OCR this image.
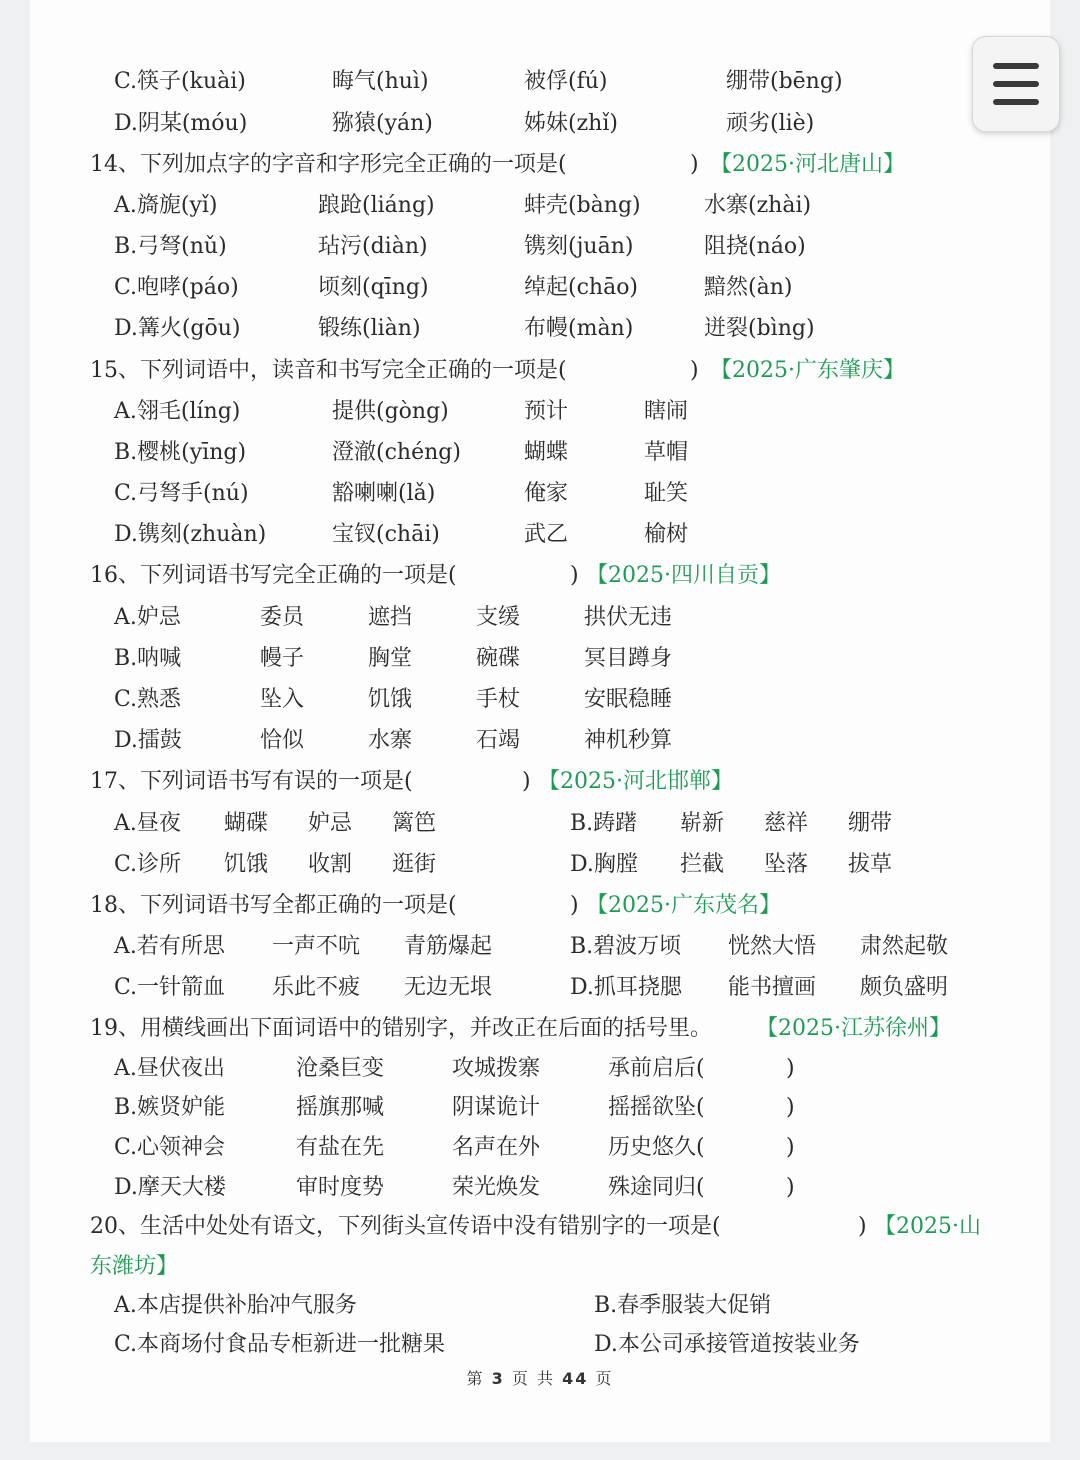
C.筷子(kuài)	晦气(huì)	被俘(fú)	绷带(bēng)
D.阴某(móu)	猕猿(yán)	姊妹(zhǐ)	顽劣(liè)
14、下列加点字的字音和字形完全正确的一项是(	) 【2025·河北唐山】
A.旖旎(yǐ)	踉跄(liáng)	蚌壳(bàng)	水寨(zhài)
B.弓弩(nǔ)	玷污(diàn)	镌刻(juān)	阻挠(náo)
C.咆哮(páo)	顷刻(qīng)	绰起(chāo)	黯然(àn)
D.篝火(gōu)	锻练(liàn)	布幔(màn)	迸裂(bìng)
15、下列词语中，读音和书写完全正确的一项是(	) 【2025·广东肇庆】
A.翎毛(líng)	提供(gòng)	预计	瞎闹
B.樱桃(yīng)	澄澈(chéng)	蝴蝶	草帽
C.弓弩手(nú)	豁喇喇(lǎ)	俺家	耻笑
D.镌刻(zhuàn)	宝钗(chāi)	武乙	榆树
16、下列词语书写完全正确的一项是(	) 【2025·四川自贡】
A.妒忌	委员	遮挡	支缓	拱伏无违
B.呐喊	幔子	胸堂	碗碟	冥目蹲身
C.熟悉	坠入	饥饿	手杖	安眠稳睡
D.擂鼓	恰似	水寨	石竭	神机秒算
17、下列词语书写有误的一项是(	) 【2025·河北邯郸】
A.昼夜 蝴碟 妒忌 篱笆	B.踌躇 崭新 慈祥 绷带
C.诊所 饥饿 收割 逛街	D.胸膛 拦截 坠落 拔草
18、下列词语书写全都正确的一项是(	) 【2025·广东茂名】
A.若有所思 一声不吭 青筋爆起	B.碧波万顷 恍然大悟 肃然起敬
C.一针箭血 乐此不疲 无边无垠	D.抓耳挠腮 能书擅画 颇负盛明
19、用横线画出下面词语中的错别字，并改正在后面的括号里。 【2025·江苏徐州】
A.昼伏夜出	沧桑巨变	攻城拨寨	承前启后(	)
B.嫉贤妒能	摇旗那喊	阴谋诡计	摇摇欲坠(	)
C.心领神会	有盐在先	名声在外	历史悠久(	)
D.摩天大楼	审时度势	荣光焕发	殊途同归(	)
20、生活中处处有语文，下列街头宣传语中没有错别字的一项是(	) 【2025·山
东潍坊】
A.本店提供补胎冲气服务	B.春季服装大促销
C.本商场付食品专柜新进一批糖果	D.本公司承接管道按装业务
第 3 页 共 44 页
